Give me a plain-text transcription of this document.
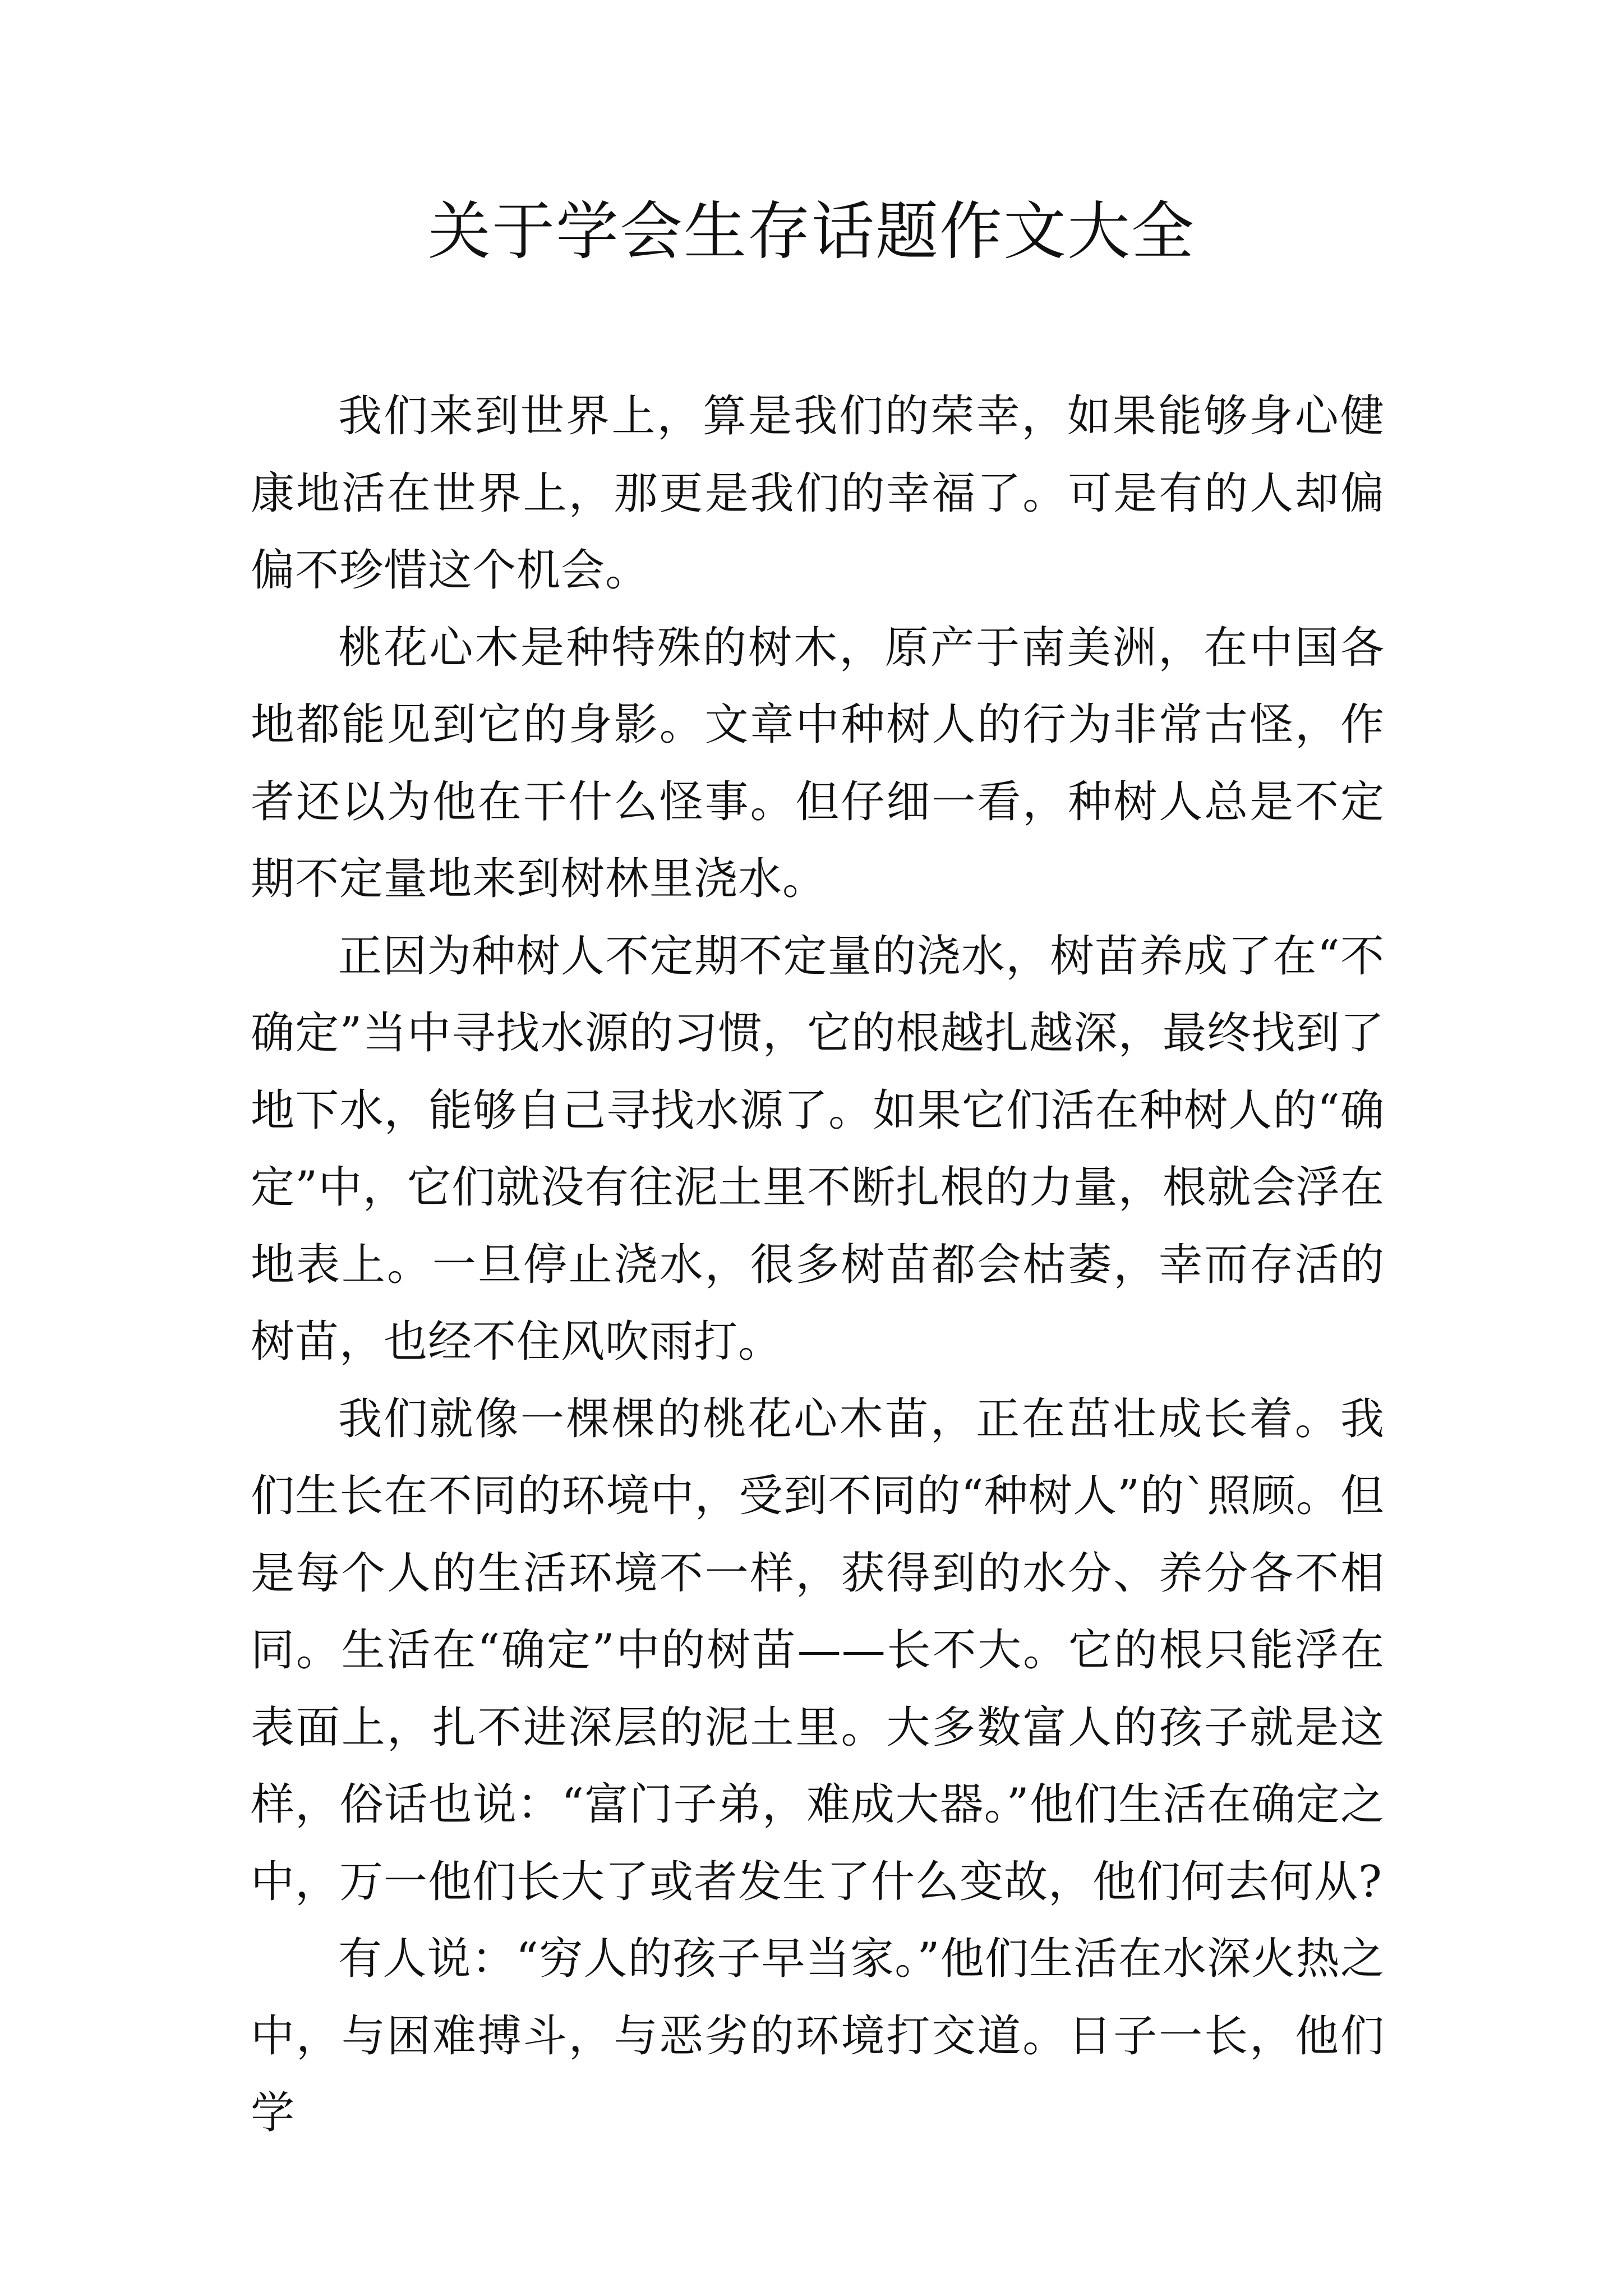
关于学会生存话题作文大全

我们来到世界上，算是我们的荣幸，如果能够身心健康地活在世界上，那更是我们的幸福了。可是有的人却偏偏不珍惜这个机会。

桃花心木是种特殊的树木，原产于南美洲，在中国各地都能见到它的身影。文章中种树人的行为非常古怪，作者还以为他在干什么怪事。但仔细一看，种树人总是不定期不定量地来到树林里浇水。

正因为种树人不定期不定量的浇水，树苗养成了在“不确定”当中寻找水源的习惯，它的根越扎越深，最终找到了地下水，能够自己寻找水源了。如果它们活在种树人的“确定”中，它们就没有往泥土里不断扎根的力量，根就会浮在地表上。一旦停止浇水，很多树苗都会枯萎，幸而存活的树苗，也经不住风吹雨打。

我们就像一棵棵的桃花心木苗，正在茁壮成长着。我们生长在不同的环境中，受到不同的“种树人”的`照顾。但是每个人的生活环境不一样，获得到的水分、养分各不相同。生活在“确定”中的树苗——长不大。它的根只能浮在表面上，扎不进深层的泥土里。大多数富人的孩子就是这样，俗话也说：“富门子弟，难成大器。”他们生活在确定之中，万一他们长大了或者发生了什么变故，他们何去何从?

有人说：“穷人的孩子早当家。”他们生活在水深火热之中，与困难搏斗，与恶劣的环境打交道。日子一长，他们学
